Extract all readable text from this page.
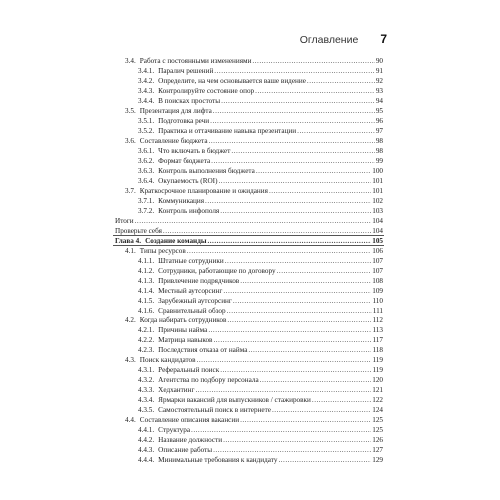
Оглавление 7
3.4. Работа с постоянными изменениями .....	90
3.4.1. Паралич решений .....	91
3.4.2. Определите, на чем основывается ваше видение .....	92
3.4.3. Контролируйте состояние опор .....	93
3.4.4. В поисках простоты .....	94
3.5. Презентация для лифта .....	95
3.5.1. Подготовка речи .....	96
3.5.2. Практика и оттачивание навыка презентации .....	97
3.6. Составление бюджета .....	98
3.6.1. Что включать в бюджет .....	98
3.6.2. Формат бюджета .....	99
3.6.3. Контроль выполнения бюджета .....	100
3.6.4. Окупаемость (ROI) .....	101
3.7. Краткосрочное планирование и ожидания .....	101
3.7.1. Коммуникация .....	102
3.7.2. Контроль инфополя .....	103
Итоги .....	104
Проверьте себя .....	104
Глава 4. Создание команды .....	105
4.1. Типы ресурсов .....	106
4.1.1. Штатные сотрудники .....	107
4.1.2. Сотрудники, работающие по договору .....	107
4.1.3. Привлечение подрядчиков .....	108
4.1.4. Местный аутсорсинг .....	109
4.1.5. Зарубежный аутсорсинг .....	110
4.1.6. Сравнительный обзор .....	111
4.2. Когда набирать сотрудников .....	112
4.2.1. Причины найма .....	113
4.2.2. Матрица навыков .....	117
4.2.3. Последствия отказа от найма .....	118
4.3. Поиск кандидатов .....	119
4.3.1. Реферальный поиск .....	119
4.3.2. Агентства по подбору персонала .....	120
4.3.3. Хедхантинг .....	121
4.3.4. Ярмарки вакансий для выпускников / стажировки .....	122
4.3.5. Самостоятельный поиск в интернете .....	124
4.4. Составление описания вакансии .....	125
4.4.1. Структура .....	125
4.4.2. Название должности .....	126
4.4.3. Описание работы .....	127
4.4.4. Минимальные требования к кандидату .....	129
